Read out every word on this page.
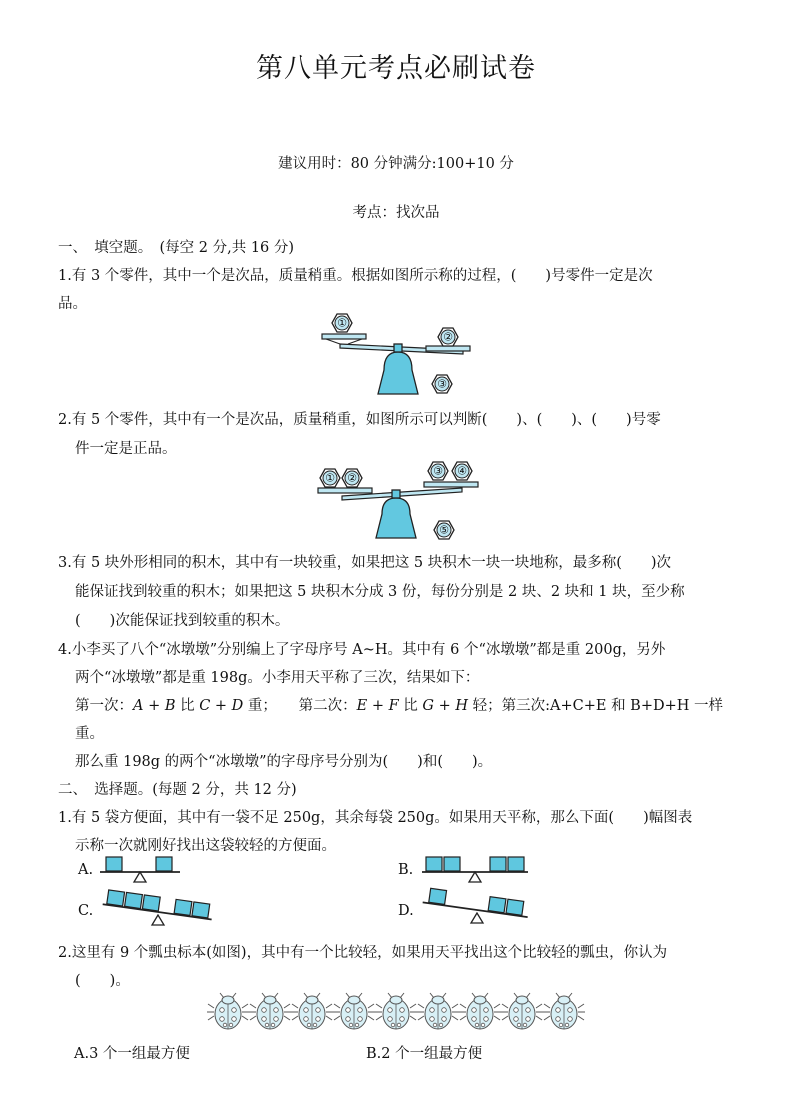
第八单元考点必刷试卷
建议用时：80 分钟满分:100+10 分
考点：找次品
一、　填空题。　(每空 2 分,共 16 分)
1.有 3 个零件，其中一个是次品，质量稍重。根据如图所示称的过程，(　　)号零件一定是次
品。
①
②
③
2.有 5 个零件，其中有一个是次品，质量稍重，如图所示可以判断(　　)、(　　)、(　　)号零
件一定是正品。
① ②
③ ④
⑤
3.有 5 块外形相同的积木，其中有一块较重，如果把这 5 块积木一块一块地称，最多称(　　)次
能保证找到较重的积木；如果把这 5 块积木分成 3 份，每份分别是 2 块、2 块和 1 块，至少称
(　　)次能保证找到较重的积木。
4.小李买了八个“冰墩墩”分别编上了字母序号 A~H。其中有 6 个“冰墩墩”都是重 200g，另外
两个“冰墩墩”都是重 198g。小李用天平称了三次，结果如下：
第一次：A + B 比 C + D 重；　　第二次：E + F 比 G + H 轻；第三次:A+C+E 和 B+D+H 一样
重。
那么重 198g 的两个“冰墩墩”的字母序号分别为(　　)和(　　)。
二、　选择题。(每题 2 分，共 12 分)
1.有 5 袋方便面，其中有一袋不足 250g，其余每袋 250g。如果用天平称，那么下面(　　)幅图表
示称一次就刚好找出这袋较轻的方便面。
A.	B.
C.	D.
2.这里有 9 个瓢虫标本(如图)，其中有一个比较轻，如果用天平找出这个比较轻的瓢虫，你认为
(　　)。
A.3 个一组最方便	B.2 个一组最方便
